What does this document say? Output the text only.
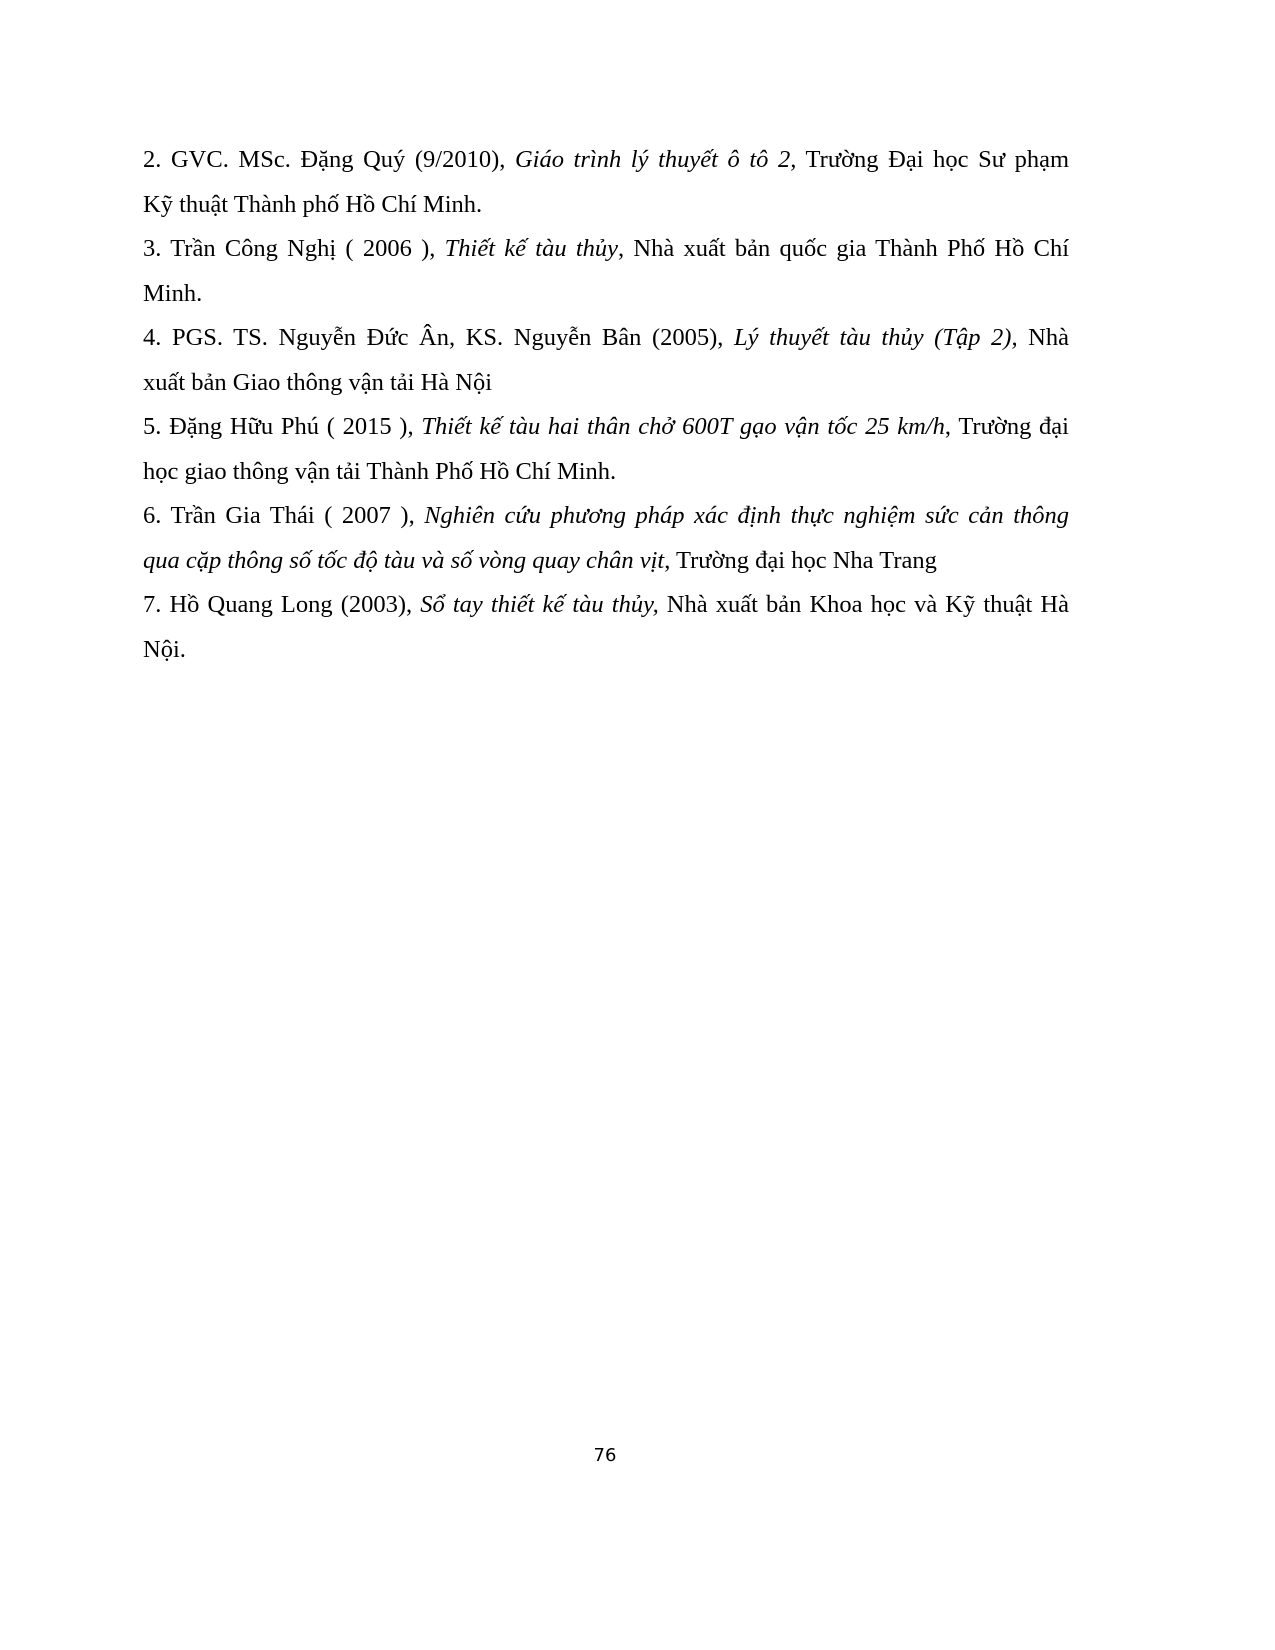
2. GVC. MSc. Đặng Quý (9/2010), Giáo trình lý thuyết ô tô 2, Trường Đại học Sư phạm
Kỹ thuật Thành phố Hồ Chí Minh.
3. Trần Công Nghị ( 2006 ), Thiết kế tàu thủy, Nhà xuất bản quốc gia Thành Phố Hồ Chí
Minh.
4. PGS. TS. Nguyễn Đức Ân, KS. Nguyễn Bân (2005), Lý thuyết tàu thủy (Tập 2), Nhà
xuất bản Giao thông vận tải Hà Nội
5. Đặng Hữu Phú ( 2015 ), Thiết kế tàu hai thân chở 600T gạo vận tốc 25 km/h, Trường đại
học giao thông vận tải Thành Phố Hồ Chí Minh.
6. Trần Gia Thái ( 2007 ), Nghiên cứu phương pháp xác định thực nghiệm sức cản thông
qua cặp thông số tốc độ tàu và số vòng quay chân vịt, Trường đại học Nha Trang
7. Hồ Quang Long (2003), Sổ tay thiết kế tàu thủy, Nhà xuất bản Khoa học và Kỹ thuật Hà
Nội.
76
